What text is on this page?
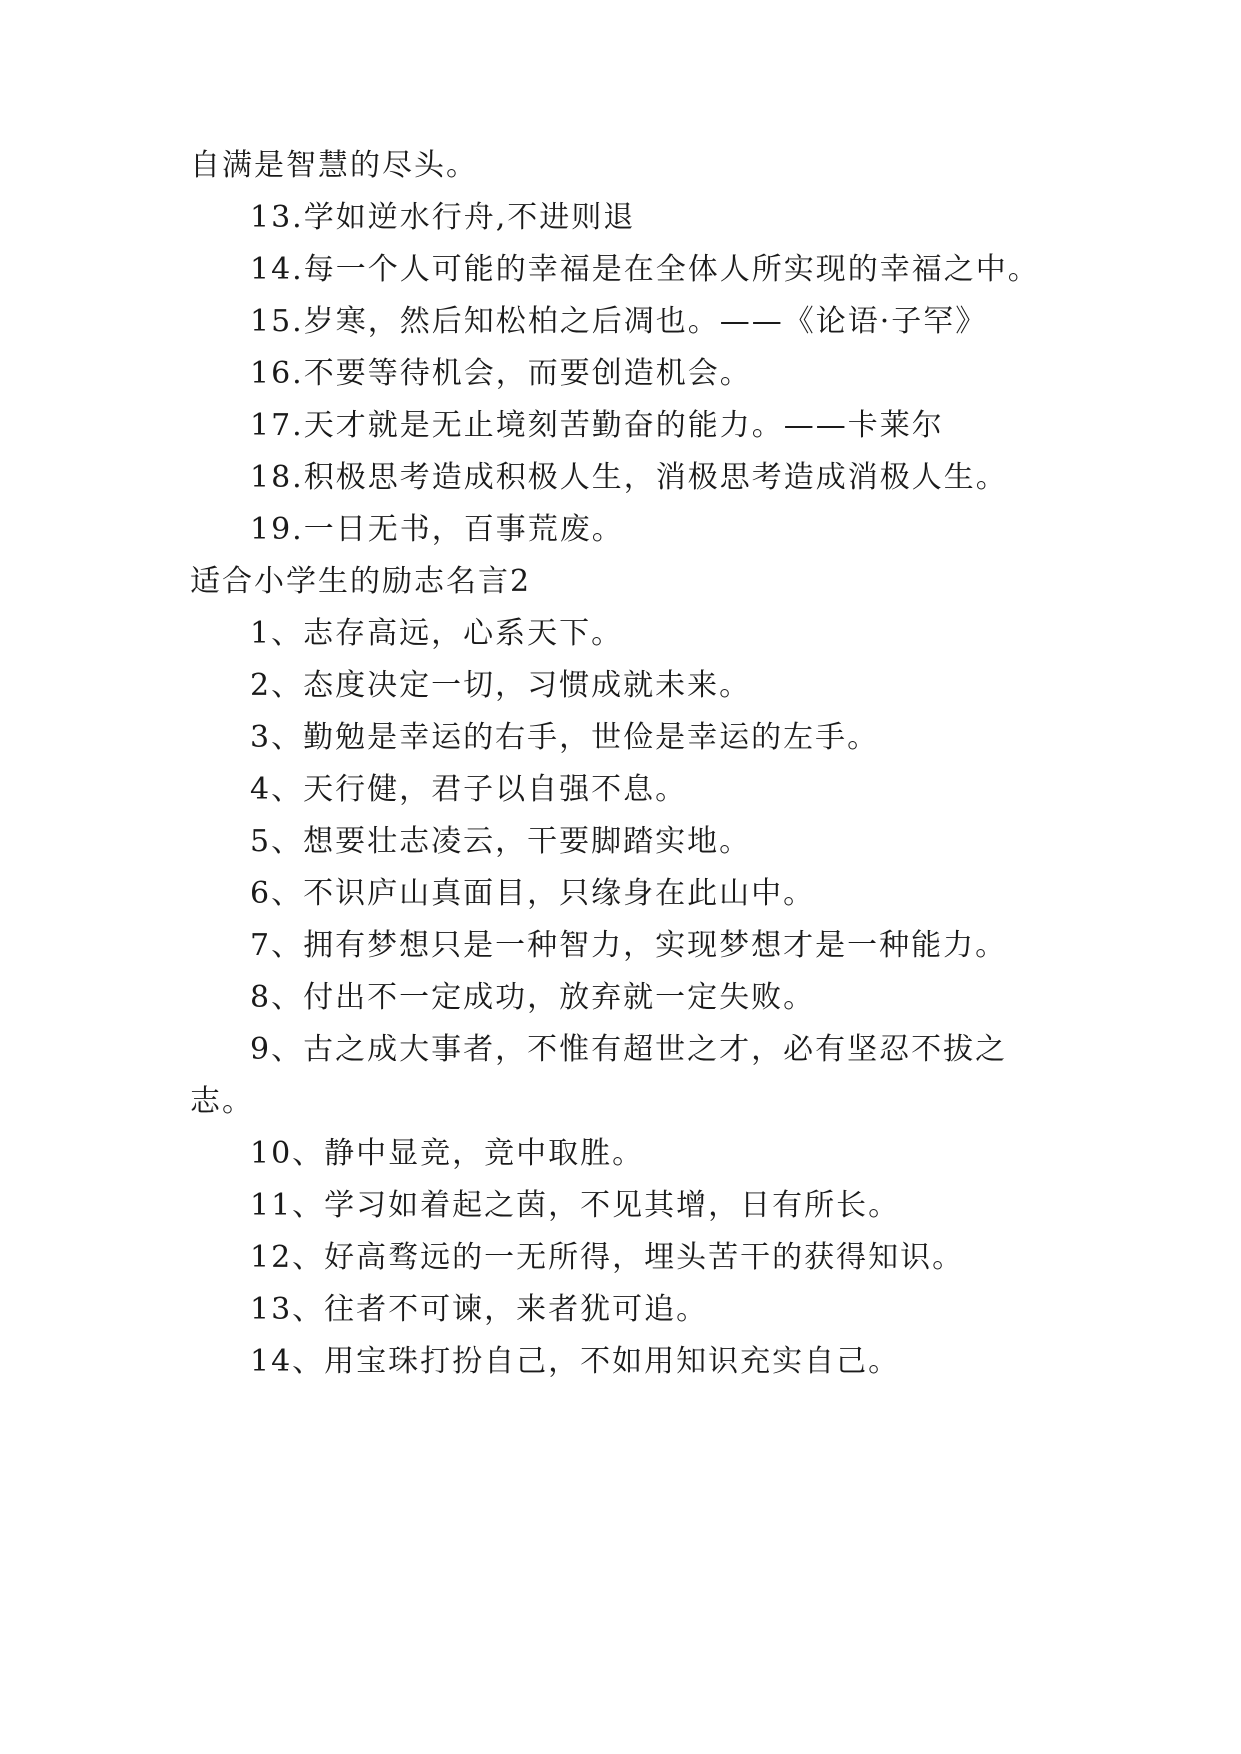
自满是智慧的尽头。
13.学如逆水行舟,不进则退
14.每一个人可能的幸福是在全体人所实现的幸福之中。
15.岁寒，然后知松柏之后凋也。——《论语·子罕》
16.不要等待机会，而要创造机会。
17.天才就是无止境刻苦勤奋的能力。——卡莱尔
18.积极思考造成积极人生，消极思考造成消极人生。
19.一日无书，百事荒废。
适合小学生的励志名言2
1、志存高远，心系天下。
2、态度决定一切，习惯成就未来。
3、勤勉是幸运的右手，世俭是幸运的左手。
4、天行健，君子以自强不息。
5、想要壮志凌云，干要脚踏实地。
6、不识庐山真面目，只缘身在此山中。
7、拥有梦想只是一种智力，实现梦想才是一种能力。
8、付出不一定成功，放弃就一定失败。
9、古之成大事者，不惟有超世之才，必有坚忍不拔之
志。
10、静中显竞，竞中取胜。
11、学习如着起之茵，不见其增，日有所长。
12、好高骛远的一无所得，埋头苦干的获得知识。
13、往者不可谏，来者犹可追。
14、用宝珠打扮自己，不如用知识充实自己。
